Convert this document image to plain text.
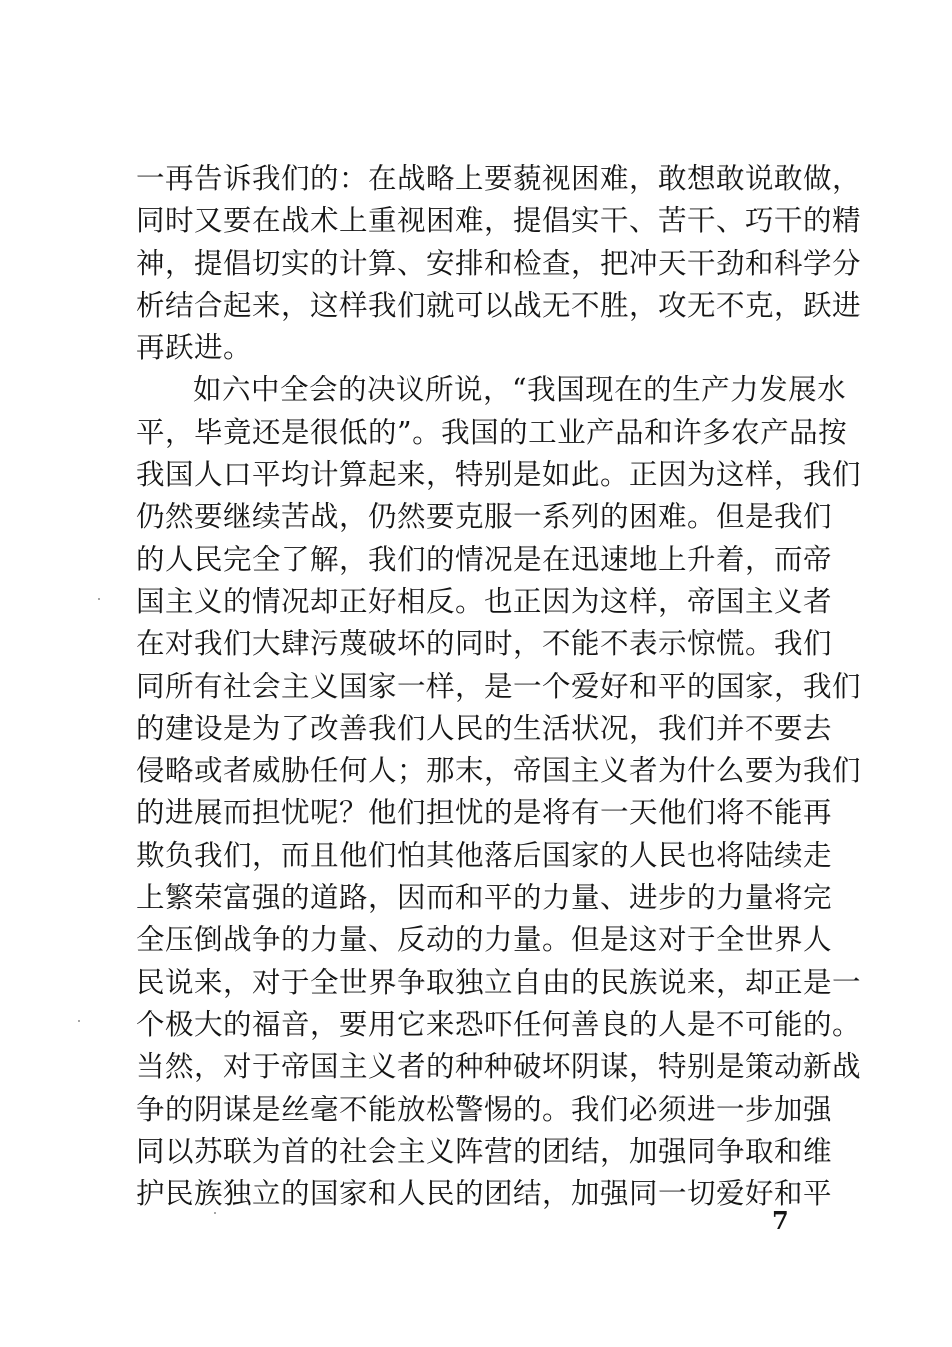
一再告诉我们的：在战略上要藐视困难，敢想敢说敢做，
同时又要在战术上重视困难，提倡实干、苦干、巧干的精
神，提倡切实的计算、安排和检查，把冲天干劲和科学分
析结合起来，这样我们就可以战无不胜，攻无不克，跃进
再跃进。
如六中全会的决议所说，“我国现在的生产力发展水
平，毕竟还是很低的”。我国的工业产品和许多农产品按
我国人口平均计算起来，特别是如此。正因为这样，我们
仍然要继续苦战，仍然要克服一系列的困难。但是我们
的人民完全了解，我们的情况是在迅速地上升着，而帝
国主义的情况却正好相反。也正因为这样，帝国主义者
在对我们大肆污蔑破坏的同时，不能不表示惊慌。我们
同所有社会主义国家一样，是一个爱好和平的国家，我们
的建设是为了改善我们人民的生活状况，我们并不要去
侵略或者威胁任何人；那末，帝国主义者为什么要为我们
的进展而担忧呢？他们担忧的是将有一天他们将不能再
欺负我们，而且他们怕其他落后国家的人民也将陆续走
上繁荣富强的道路，因而和平的力量、进步的力量将完
全压倒战争的力量、反动的力量。但是这对于全世界人
民说来，对于全世界争取独立自由的民族说来，却正是一
个极大的福音，要用它来恐吓任何善良的人是不可能的。
当然，对于帝国主义者的种种破坏阴谋，特别是策动新战
争的阴谋是丝毫不能放松警惕的。我们必须进一步加强
同以苏联为首的社会主义阵营的团结，加强同争取和维
护民族独立的国家和人民的团结，加强同一切爱好和平
7
